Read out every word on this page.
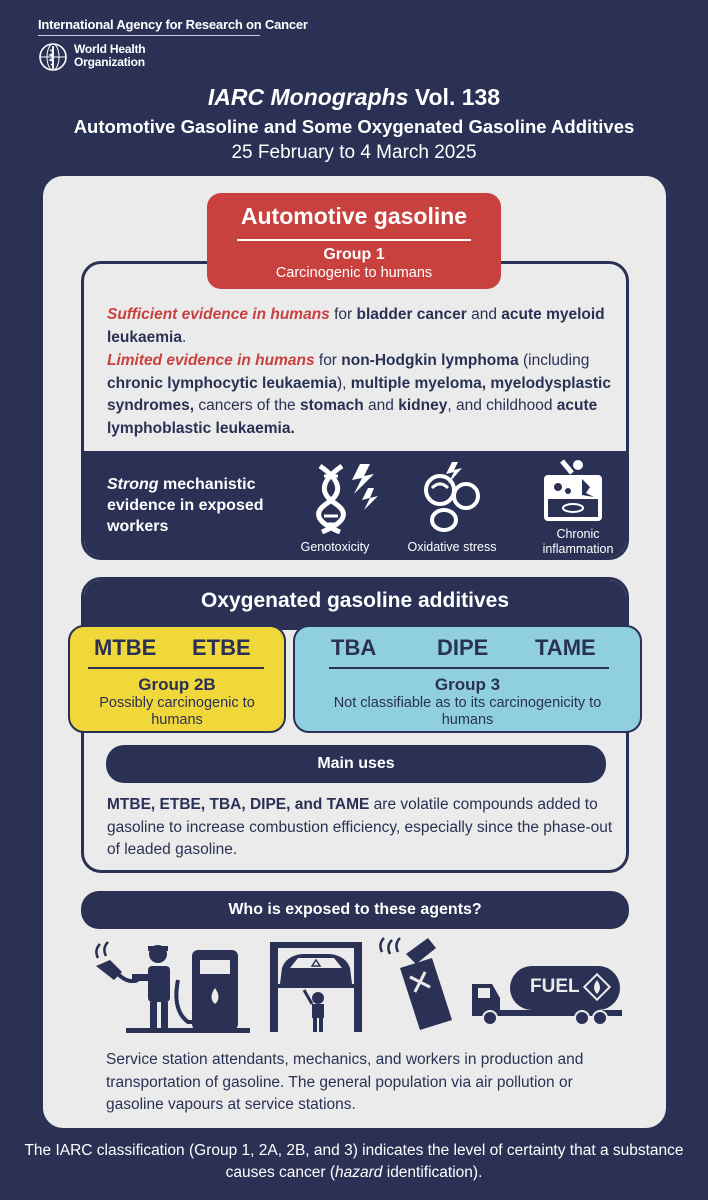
International Agency for Research on Cancer
World Health
Organization
IARC Monographs Vol. 138
Automotive Gasoline and Some Oxygenated Gasoline Additives
25 February to 4 March 2025
Automotive gasoline
Group 1
Carcinogenic to humans
Sufficient evidence in humans for bladder cancer and acute myeloid leukaemia.
Limited evidence in humans for non-Hodgkin lymphoma (including chronic lymphocytic leukaemia), multiple myeloma, myelodysplastic syndromes, cancers of the stomach and kidney, and childhood acute lymphoblastic leukaemia.
Strong mechanistic evidence in exposed workers
Genotoxicity	Oxidative stress
Chronic inflammation
Oxygenated gasoline additives
MTBE ETBE
Group 2B
Possibly carcinogenic to humans
TBA	DIPE TAME
Group 3
Not classifiable as to its carcinogenicity to humans
Main uses
MTBE, ETBE, TBA, DIPE, and TAME are volatile compounds added to gasoline to increase combustion efficiency, especially since the phase-out of leaded gasoline.
Who is exposed to these agents?
FUEL
Service station attendants, mechanics, and workers in production and transportation of gasoline. The general population via air pollution or gasoline vapours at service stations.
The IARC classification (Group 1, 2A, 2B, and 3) indicates the level of certainty that a substance causes cancer (hazard identification).
